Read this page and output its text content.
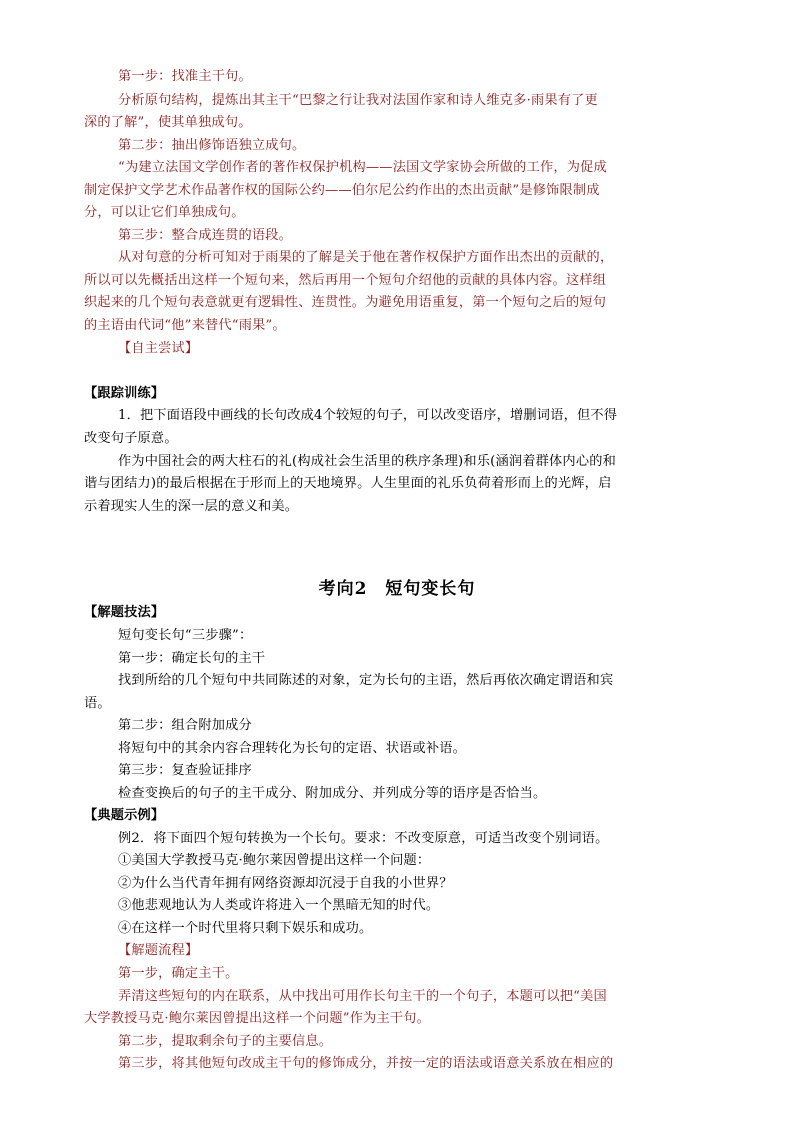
第一步：找准主干句。
分析原句结构，提炼出其主干“巴黎之行让我对法国作家和诗人维克多·雨果有了更
深的了解”，使其单独成句。
第二步：抽出修饰语独立成句。
“为建立法国文学创作者的著作权保护机构——法国文学家协会所做的工作，为促成
制定保护文学艺术作品著作权的国际公约——伯尔尼公约作出的杰出贡献”是修饰限制成
分，可以让它们单独成句。
第三步：整合成连贯的语段。
从对句意的分析可知对于雨果的了解是关于他在著作权保护方面作出杰出的贡献的，
所以可以先概括出这样一个短句来，然后再用一个短句介绍他的贡献的具体内容。这样组
织起来的几个短句表意就更有逻辑性、连贯性。为避免用语重复，第一个短句之后的短句
的主语由代词“他”来替代“雨果”。
【自主尝试】
【跟踪训练】
1．把下面语段中画线的长句改成4个较短的句子，可以改变语序，增删词语，但不得
改变句子原意。
作为中国社会的两大柱石的礼(构成社会生活里的秩序条理)和乐(涵润着群体内心的和
谐与团结力)的最后根据在于形而上的天地境界。人生里面的礼乐负荷着形而上的光辉，启
示着现实人生的深一层的意义和美。
考向2　短句变长句
【解题技法】
短句变长句“三步骤”：
第一步：确定长句的主干
找到所给的几个短句中共同陈述的对象，定为长句的主语，然后再依次确定谓语和宾
语。
第二步：组合附加成分
将短句中的其余内容合理转化为长句的定语、状语或补语。
第三步：复查验证排序
检查变换后的句子的主干成分、附加成分、并列成分等的语序是否恰当。
【典题示例】
例2．将下面四个短句转换为一个长句。要求：不改变原意，可适当改变个别词语。
①美国大学教授马克·鲍尔莱因曾提出这样一个问题：
②为什么当代青年拥有网络资源却沉浸于自我的小世界？
③他悲观地认为人类或许将进入一个黑暗无知的时代。
④在这样一个时代里将只剩下娱乐和成功。
【解题流程】
第一步，确定主干。
弄清这些短句的内在联系，从中找出可用作长句主干的一个句子，本题可以把“美国
大学教授马克·鲍尔莱因曾提出这样一个问题”作为主干句。
第二步，提取剩余句子的主要信息。
第三步，将其他短句改成主干句的修饰成分，并按一定的语法或语意关系放在相应的
